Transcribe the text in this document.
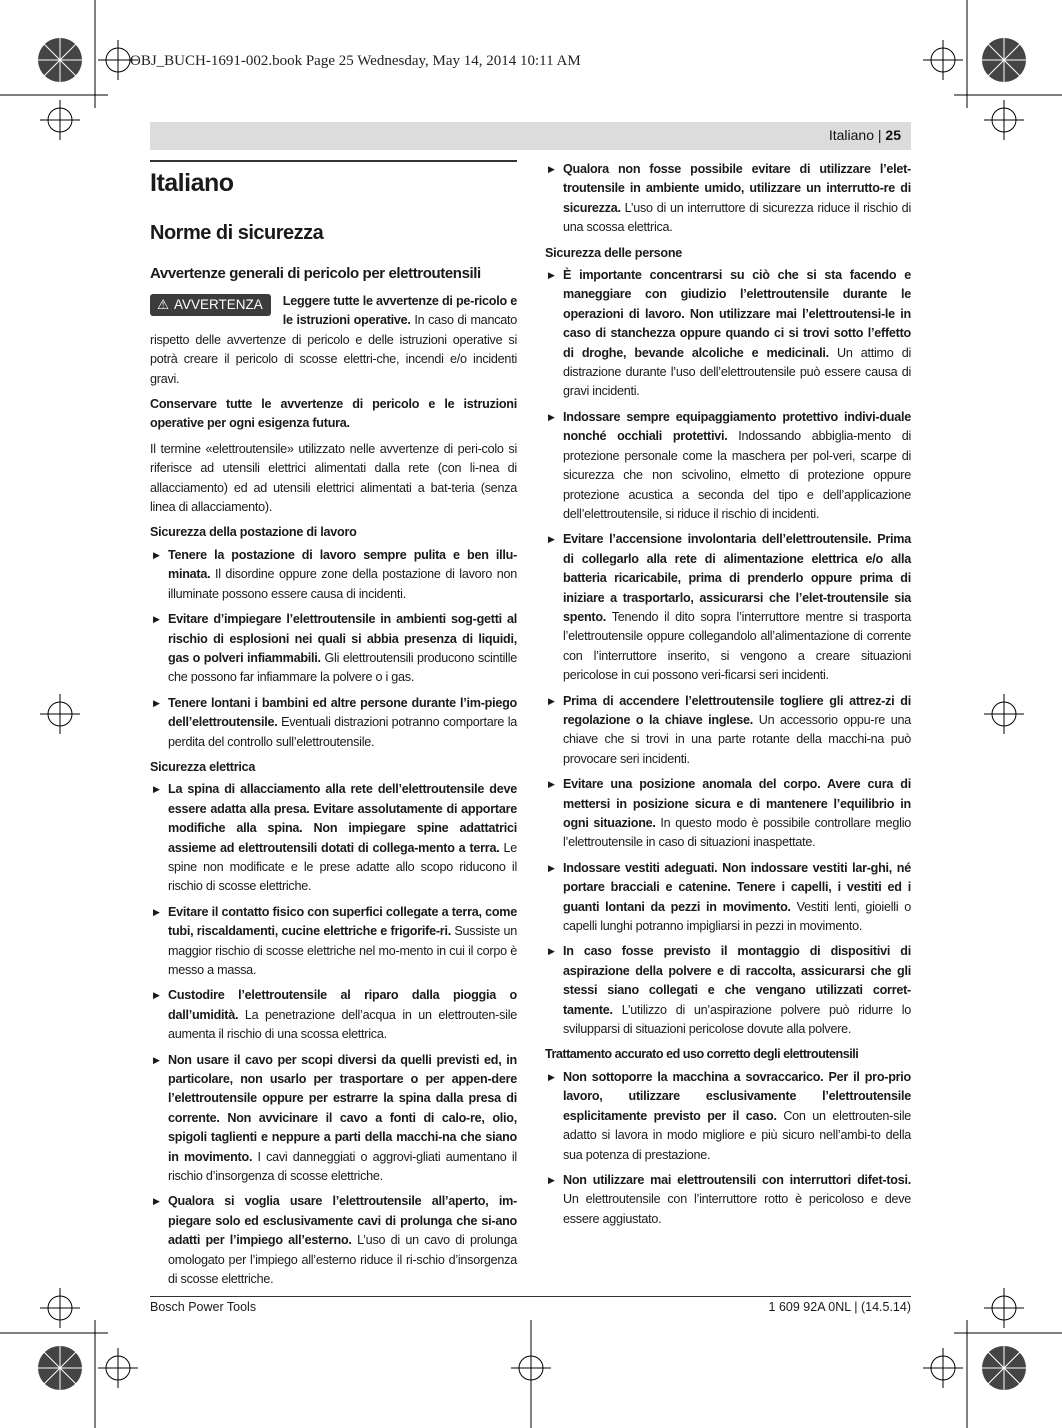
OBJ_BUCH-1691-002.book Page 25 Wednesday, May 14, 2014 10:11 AM
Italiano | 25
Italiano
Norme di sicurezza
Avvertenze generali di pericolo per elettroutensili
⚠ AVVERTENZA	Leggere tutte le avvertenze di pe-ricolo e le istruzioni operative. In caso di mancato rispetto delle avvertenze di pericolo e delle istruzioni operative si potrà creare il pericolo di scosse elettri-che, incendi e/o incidenti gravi.

Conservare tutte le avvertenze di pericolo e le istruzioni operative per ogni esigenza futura.

Il termine «elettroutensile» utilizzato nelle avvertenze di peri-colo si riferisce ad utensili elettrici alimentati dalla rete (con li-nea di allacciamento) ed ad utensili elettrici alimentati a bat-teria (senza linea di allacciamento).

Sicurezza della postazione di lavoro
▶ Tenere la postazione di lavoro sempre pulita e ben illu-minata. Il disordine oppure zone della postazione di lavoro non illuminate possono essere causa di incidenti.
▶ Evitare d’impiegare l’elettroutensile in ambienti sog-getti al rischio di esplosioni nei quali si abbia presenza di liquidi, gas o polveri infiammabili. Gli elettroutensili producono scintille che possono far infiammare la polvere o i gas.
▶ Tenere lontani i bambini ed altre persone durante l’im-piego dell’elettroutensile. Eventuali distrazioni potranno comportare la perdita del controllo sull’elettroutensile.
Sicurezza elettrica
▶ La spina di allacciamento alla rete dell’elettroutensile deve essere adatta alla presa. Evitare assolutamente di apportare modifiche alla spina. Non impiegare spine adattatrici assieme ad elettroutensili dotati di collega-mento a terra. Le spine non modificate e le prese adatte allo scopo riducono il rischio di scosse elettriche.
▶ Evitare il contatto fisico con superfici collegate a terra, come tubi, riscaldamenti, cucine elettriche e frigorife-ri. Sussiste un maggior rischio di scosse elettriche nel mo-mento in cui il corpo è messo a massa.
▶ Custodire l’elettroutensile al riparo dalla pioggia o dall’umidità. La penetrazione dell’acqua in un elettrouten-sile aumenta il rischio di una scossa elettrica.
▶ Non usare il cavo per scopi diversi da quelli previsti ed, in particolare, non usarlo per trasportare o per appen-dere l’elettroutensile oppure per estrarre la spina dalla presa di corrente. Non avvicinare il cavo a fonti di calo-re, olio, spigoli taglienti e neppure a parti della macchi-na che siano in movimento. I cavi danneggiati o aggrovi-gliati aumentano il rischio d’insorgenza di scosse elettriche.
▶ Qualora si voglia usare l’elettroutensile all’aperto, im-piegare solo ed esclusivamente cavi di prolunga che si-ano adatti per l’impiego all’esterno. L’uso di un cavo di prolunga omologato per l’impiego all’esterno riduce il ri-schio d’insorgenza di scosse elettriche.
▶ Qualora non fosse possibile evitare di utilizzare l’elet-troutensile in ambiente umido, utilizzare un interrutto-re di sicurezza. L’uso di un interruttore di sicurezza riduce il rischio di una scossa elettrica.
Sicurezza delle persone
▶ È importante concentrarsi su ciò che si sta facendo e maneggiare con giudizio l’elettroutensile durante le operazioni di lavoro. Non utilizzare mai l’elettroutensi-le in caso di stanchezza oppure quando ci si trovi sotto l’effetto di droghe, bevande alcoliche e medicinali. Un attimo di distrazione durante l’uso dell’elettroutensile può essere causa di gravi incidenti.
▶ Indossare sempre equipaggiamento protettivo indivi-duale nonché occhiali protettivi. Indossando abbiglia-mento di protezione personale come la maschera per pol-veri, scarpe di sicurezza che non scivolino, elmetto di protezione oppure protezione acustica a seconda del tipo e dell’applicazione dell’elettroutensile, si riduce il rischio di incidenti.
▶ Evitare l’accensione involontaria dell’elettroutensile. Prima di collegarlo alla rete di alimentazione elettrica e/o alla batteria ricaricabile, prima di prenderlo oppure prima di iniziare a trasportarlo, assicurarsi che l’elet-troutensile sia spento. Tenendo il dito sopra l’interruttore mentre si trasporta l’elettroutensile oppure collegandolo all’alimentazione di corrente con l’interruttore inserito, si vengono a creare situazioni pericolose in cui possono veri-ficarsi seri incidenti.
▶ Prima di accendere l’elettroutensile togliere gli attrez-zi di regolazione o la chiave inglese. Un accessorio oppu-re una chiave che si trovi in una parte rotante della macchi-na può provocare seri incidenti.
▶ Evitare una posizione anomala del corpo. Avere cura di mettersi in posizione sicura e di mantenere l’equilibrio in ogni situazione. In questo modo è possibile controllare meglio l’elettroutensile in caso di situazioni inaspettate.
▶ Indossare vestiti adeguati. Non indossare vestiti lar-ghi, né portare bracciali e catenine. Tenere i capelli, i vestiti ed i guanti lontani da pezzi in movimento. Vestiti lenti, gioielli o capelli lunghi potranno impigliarsi in pezzi in movimento.
▶ In caso fosse previsto il montaggio di dispositivi di aspirazione della polvere e di raccolta, assicurarsi che gli stessi siano collegati e che vengano utilizzati corret-tamente. L’utilizzo di un’aspirazione polvere può ridurre lo svilupparsi di situazioni pericolose dovute alla polvere.
Trattamento accurato ed uso corretto degli elettroutensili
▶ Non sottoporre la macchina a sovraccarico. Per il pro-prio lavoro, utilizzare esclusivamente l’elettroutensile esplicitamente previsto per il caso. Con un elettrouten-sile adatto si lavora in modo migliore e più sicuro nell’ambi-to della sua potenza di prestazione.
▶ Non utilizzare mai elettroutensili con interruttori difet-tosi. Un elettroutensile con l’interruttore rotto è pericoloso e deve essere aggiustato.
Bosch Power Tools	1 609 92A 0NL | (14.5.14)
